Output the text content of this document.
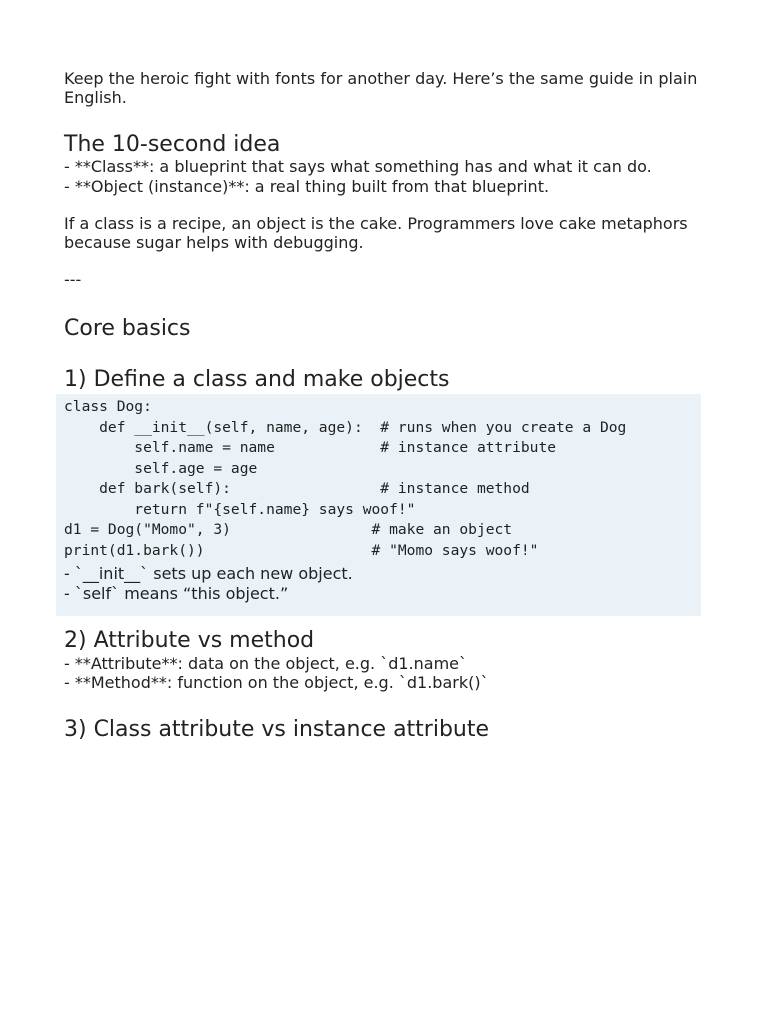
Keep the heroic fight with fonts for another day. Here’s the same guide in plain English.

The 10-second idea
- **Class**: a blueprint that says what something has and what it can do.
- **Object (instance)**: a real thing built from that blueprint.

If a class is a recipe, an object is the cake. Programmers love cake metaphors because sugar helps with debugging.

---
Core basics
1) Define a class and make objects
class Dog:
def __init__(self, name, age):  # runs when you create a Dog
self.name = name            # instance attribute
self.age = age
def bark(self):                 # instance method
return f"{self.name} says woof!"
d1 = Dog("Momo", 3)                # make an object
print(d1.bark())                   # "Momo says woof!"
- `__init__` sets up each new object.
- `self` means “this object.”
2) Attribute vs method
- **Attribute**: data on the object, e.g. `d1.name`
- **Method**: function on the object, e.g. `d1.bark()`
3) Class attribute vs instance attribute
